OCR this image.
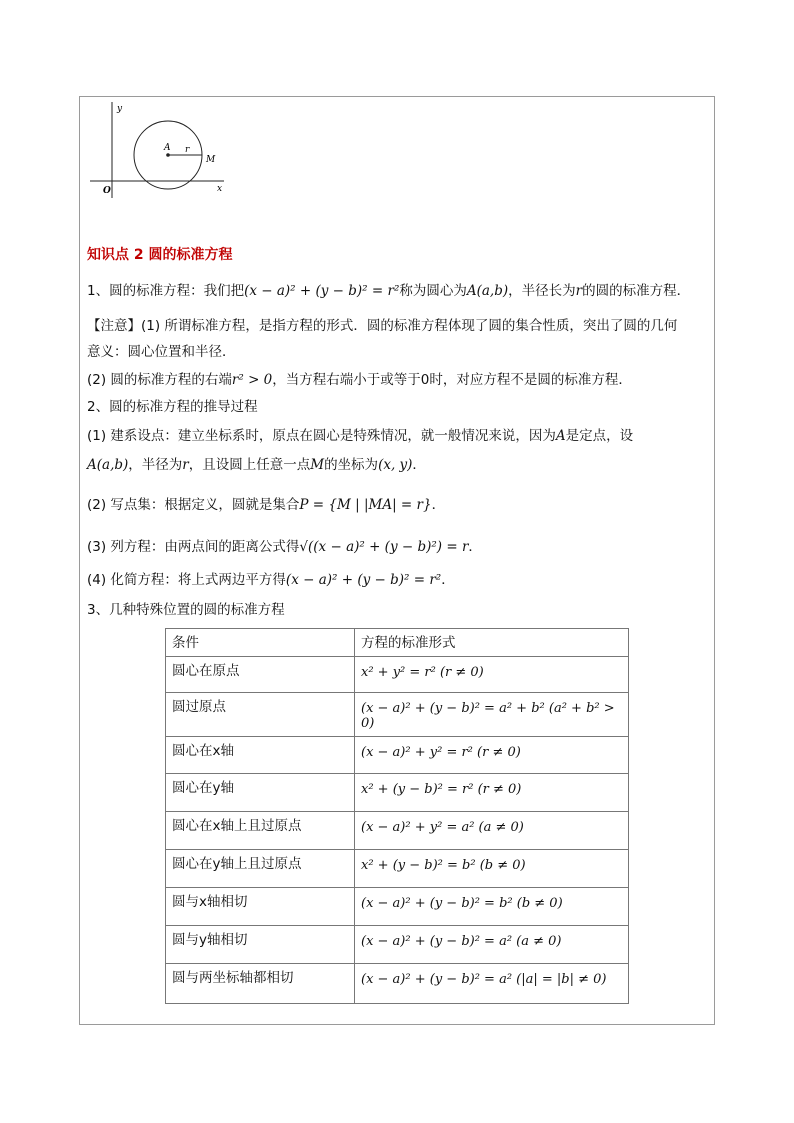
y
x
O
A r
M
知识点 2 圆的标准方程
1、圆的标准方程：我们把(x − a)² + (y − b)² = r²称为圆心为A(a,b)，半径长为r的圆的标准方程．
【注意】(1) 所谓标准方程，是指方程的形式．圆的标准方程体现了圆的集合性质，突出了圆的几何
意义：圆心位置和半径．
(2) 圆的标准方程的右端r² > 0，当方程右端小于或等于0时，对应方程不是圆的标准方程．
2、圆的标准方程的推导过程
(1) 建系设点：建立坐标系时，原点在圆心是特殊情况，就一般情况来说，因为A是定点，设
A(a,b)，半径为r，且设圆上任意一点M的坐标为(x, y)．
(2) 写点集：根据定义，圆就是集合P = {M | |MA| = r}．
(3) 列方程：由两点间的距离公式得√((x − a)² + (y − b)²) = r．
(4) 化简方程：将上式两边平方得(x − a)² + (y − b)² = r²．
3、几种特殊位置的圆的标准方程
条件	方程的标准形式
圆心在原点	x² + y² = r² (r ≠ 0)
圆过原点	(x − a)² + (y − b)² = a² + b² (a² + b² > 0)
圆心在x轴	(x − a)² + y² = r² (r ≠ 0)
圆心在y轴	x² + (y − b)² = r² (r ≠ 0)
圆心在x轴上且过原点	(x − a)² + y² = a² (a ≠ 0)
圆心在y轴上且过原点	x² + (y − b)² = b² (b ≠ 0)
圆与x轴相切	(x − a)² + (y − b)² = b² (b ≠ 0)
圆与y轴相切	(x − a)² + (y − b)² = a² (a ≠ 0)
圆与两坐标轴都相切	(x − a)² + (y − b)² = a² (|a| = |b| ≠ 0)
